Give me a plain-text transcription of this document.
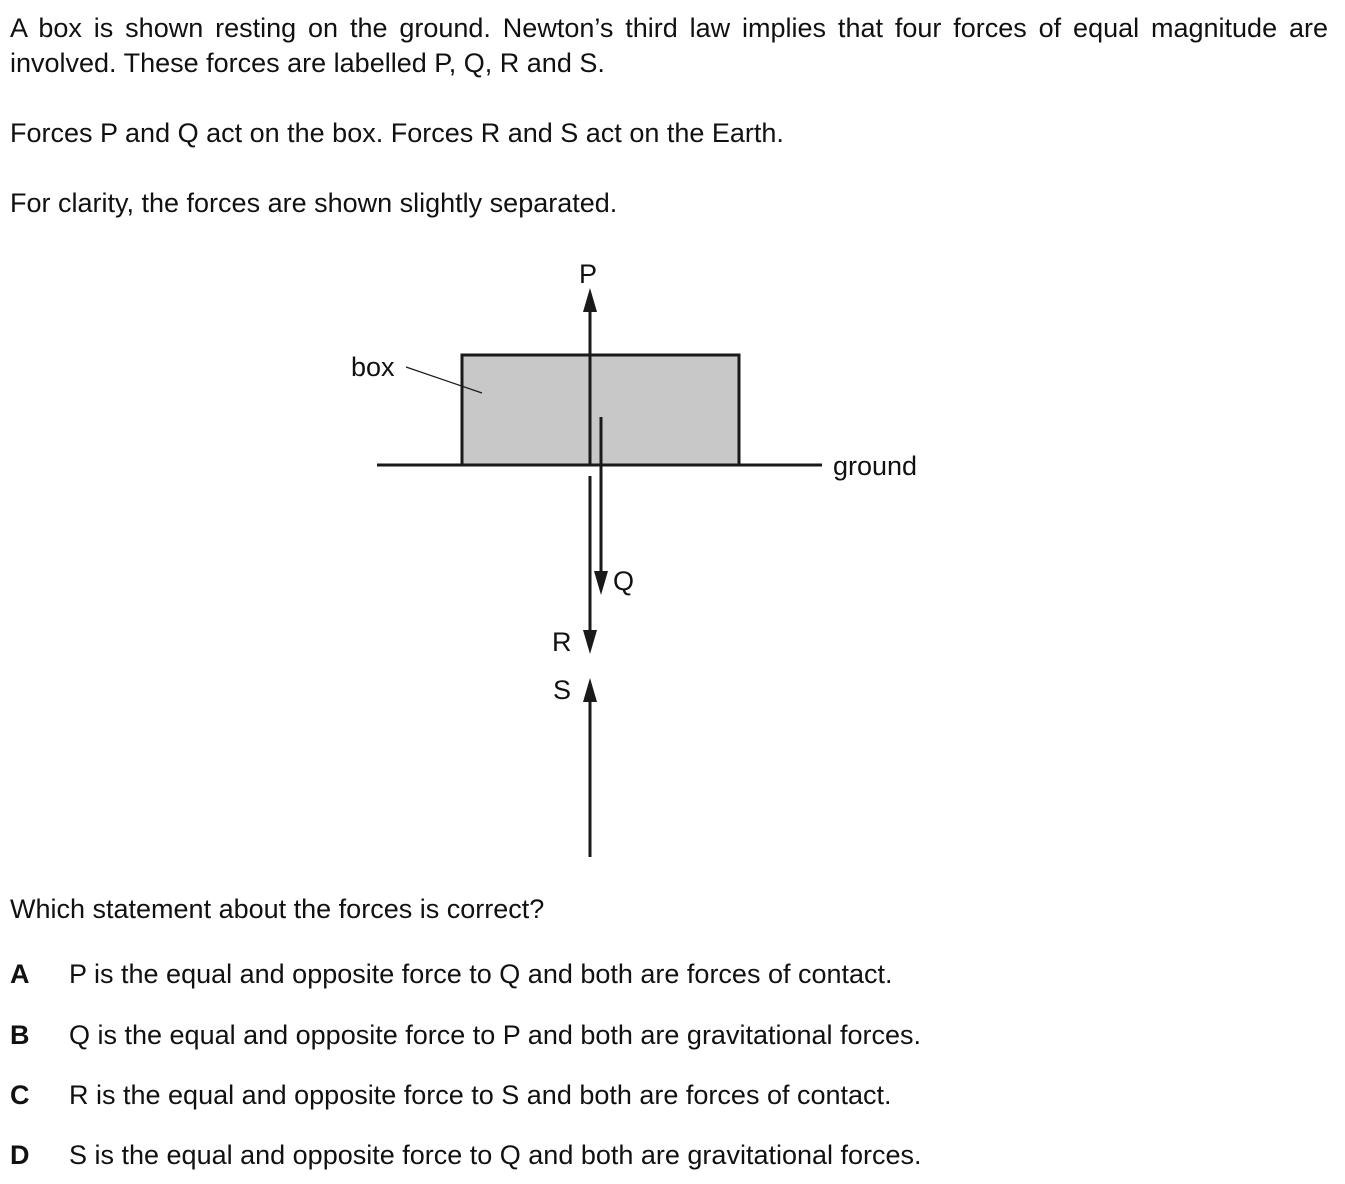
A box is shown resting on the ground. Newton’s third law implies that four forces of equal magnitude are involved. These forces are labelled P, Q, R and S.

Forces P and Q act on the box. Forces R and S act on the Earth.

For clarity, the forces are shown slightly separated.

box
ground
P
Q
R
S

Which statement about the forces is correct?

A P is the equal and opposite force to Q and both are forces of contact.
B Q is the equal and opposite force to P and both are gravitational forces.
C R is the equal and opposite force to S and both are forces of contact.
D S is the equal and opposite force to Q and both are gravitational forces.
